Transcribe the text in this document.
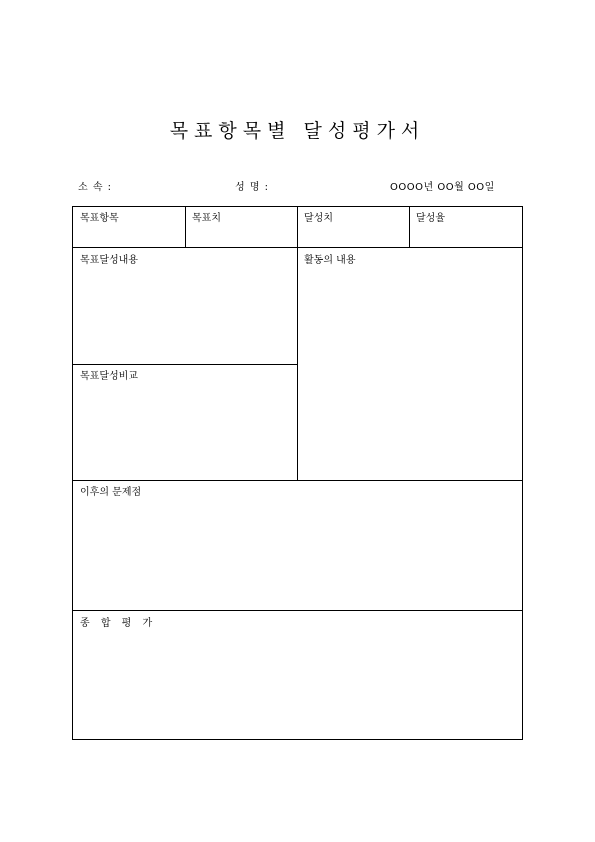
목표항목별 달성평가서
소 속 :	성 명 :	OOOO년 OO월 OO일
목표항목	목표치	달성치	달성율
목표달성내용	활동의 내용
목표달성비교
이후의 문제점
종 합 평 가
